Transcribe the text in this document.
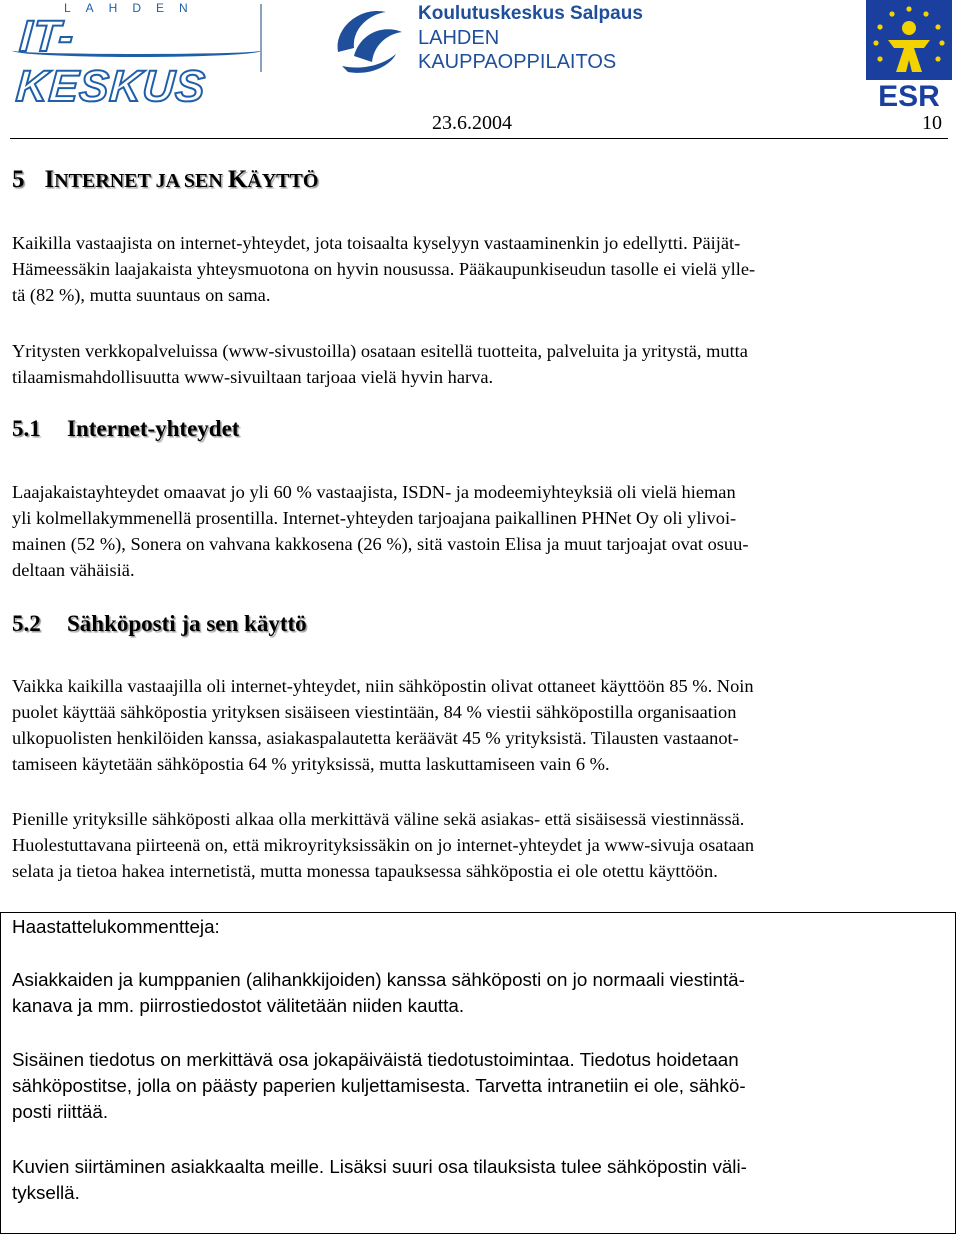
LAHDEN
IT-KESKUS
Koulutuskeskus Salpaus
LAHDEN
KAUPPAOPPILAITOS
ESR
23.6.2004	10
5 INTERNET JA SEN KÄYTTÖ
Kaikilla vastaajista on internet-yhteydet, jota toisaalta kyselyyn vastaaminenkin jo edellytti. Päijät-
Hämeessäkin laajakaista yhteysmuotona on hyvin nousussa. Pääkaupunkiseudun tasolle ei vielä ylle-
tä (82 %), mutta suuntaus on sama.
Yritysten verkkopalveluissa (www-sivustoilla) osataan esitellä tuotteita, palveluita ja yritystä, mutta
tilaamismahdollisuutta www-sivuiltaan tarjoaa vielä hyvin harva.
5.1 Internet-yhteydet
Laajakaistayhteydet omaavat jo yli 60 % vastaajista, ISDN- ja modeemiyhteyksiä oli vielä hieman
yli kolmellakymmenellä prosentilla. Internet-yhteyden tarjoajana paikallinen PHNet Oy oli ylivoi-
mainen (52 %), Sonera on vahvana kakkosena (26 %), sitä vastoin Elisa ja muut tarjoajat ovat osuu-
deltaan vähäisiä.
5.2 Sähköposti ja sen käyttö
Vaikka kaikilla vastaajilla oli internet-yhteydet, niin sähköpostin olivat ottaneet käyttöön 85 %. Noin
puolet käyttää sähköpostia yrityksen sisäiseen viestintään, 84 % viestii sähköpostilla organisaation
ulkopuolisten henkilöiden kanssa, asiakaspalautetta keräävät 45 % yrityksistä. Tilausten vastaanot-
tamiseen käytetään sähköpostia 64 % yrityksissä, mutta laskuttamiseen vain 6 %.
Pienille yrityksille sähköposti alkaa olla merkittävä väline sekä asiakas- että sisäisessä viestinnässä.
Huolestuttavana piirteenä on, että mikroyrityksissäkin on jo internet-yhteydet ja www-sivuja osataan
selata ja tietoa hakea internetistä, mutta monessa tapauksessa sähköpostia ei ole otettu käyttöön.
Haastattelukommentteja:
Asiakkaiden ja kumppanien (alihankkijoiden) kanssa sähköposti on jo normaali viestintä-
kanava ja mm. piirrostiedostot välitetään niiden kautta.
Sisäinen tiedotus on merkittävä osa jokapäiväistä tiedotustoimintaa. Tiedotus hoidetaan
sähköpostitse, jolla on päästy paperien kuljettamisesta. Tarvetta intranetiin ei ole, sähkö-
posti riittää.
Kuvien siirtäminen asiakkaalta meille. Lisäksi suuri osa tilauksista tulee sähköpostin väli-
tyksellä.
